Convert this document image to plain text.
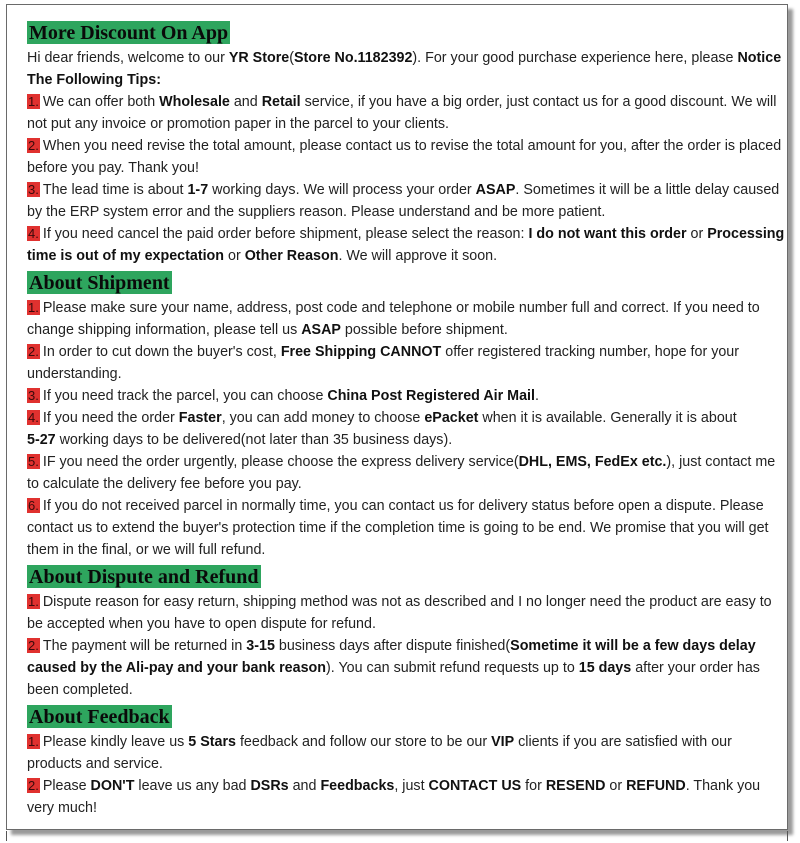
More Discount On App
Hi dear friends, welcome to our YR Store(Store No.1182392). For your good purchase experience here, please Notice The Following Tips:
1. We can offer both Wholesale and Retail service, if you have a big order, just contact us for a good discount. We will not put any invoice or promotion paper in the parcel to your clients.
2. When you need revise the total amount, please contact us to revise the total amount for you, after the order is placed before you pay. Thank you!
3. The lead time is about 1-7 working days. We will process your order ASAP. Sometimes it will be a little delay caused by the ERP system error and the suppliers reason. Please understand and be more patient.
4. If you need cancel the paid order before shipment, please select the reason: I do not want this order or Processing time is out of my expectation or Other Reason. We will approve it soon.
About Shipment
1. Please make sure your name, address, post code and telephone or mobile number full and correct. If you need to change shipping information, please tell us ASAP possible before shipment.
2. In order to cut down the buyer's cost, Free Shipping CANNOT offer registered tracking number, hope for your understanding.
3. If you need track the parcel, you can choose China Post Registered Air Mail.
4. If you need the order Faster, you can add money to choose ePacket when it is available. Generally it is about
5-27 working days to be delivered(not later than 35 business days).
5. IF you need the order urgently, please choose the express delivery service(DHL, EMS, FedEx etc.), just contact me to calculate the delivery fee before you pay.
6. If you do not received parcel in normally time, you can contact us for delivery status before open a dispute. Please contact us to extend the buyer's protection time if the completion time is going to be end. We promise that you will get them in the final, or we will full refund.
About Dispute and Refund
1. Dispute reason for easy return, shipping method was not as described and I no longer need the product are easy to be accepted when you have to open dispute for refund.
2. The payment will be returned in 3-15 business days after dispute finished(Sometime it will be a few days delay caused by the Ali-pay and your bank reason). You can submit refund requests up to 15 days after your order has been completed.
About Feedback
1. Please kindly leave us 5 Stars feedback and follow our store to be our VIP clients if you are satisfied with our products and service.
2. Please DON'T leave us any bad DSRs and Feedbacks, just CONTACT US for RESEND or REFUND. Thank you very much!
